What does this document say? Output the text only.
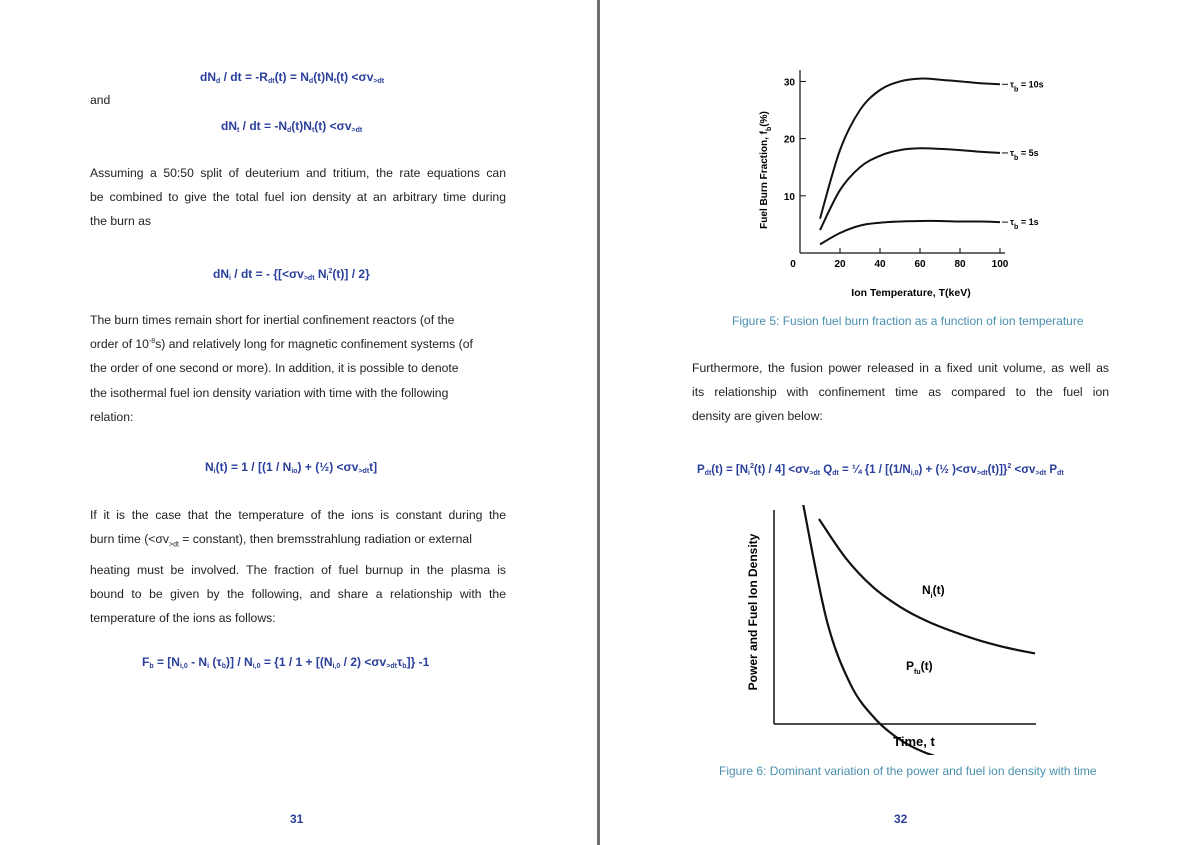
$dN_d$ / dt = $-R_{dt}(t) = N_d(t)N_t(t) <\sigma v_{>dt}$
and
$dN_t$ / dt = $-N_d(t)N_t(t) <\sigma v_{>dt}$
Assuming a 50:50 split of deuterium and tritium, the rate equations can
be combined to give the total fuel ion density at an arbitrary time during
the burn as
$dN_i$ / dt = - {[$<\sigma v_{>dt}$ $N_i^2(t)] / 2$}
The burn times remain short for inertial confinement reactors (of the
order of $10^{-8}s$) and relatively long for magnetic confinement systems (of
the order of one second or more). In addition, it is possible to denote
the isothermal fuel ion density variation with time with the following
relation:
$N_i(t) = 1 / [(1 / N_{io})$ + (½) $<\sigma v_{>dt}t$]
If it is the case that the temperature of the ions is constant during the
burn time ($<\sigma v_{>dt}$ = constant), then bremsstrahlung radiation or external
heating must be involved. The fraction of fuel burnup in the plasma is
bound to be given by the following, and share a relationship with the
temperature of the ions as follows:
$F_b = [N_{i,0} - N_i$ $(\tau_b)] / N_{i,0} = \{1 / 1 + [(N_{i,0} / 2) <\sigma v_{>dt}\tau_b]\}$ -1
31
0	20	40	60	80	100
10
20
30
Ion Temperature, T(keV)
Fuel Burn Fraction, $f_b(\%)$
$\tau_b = 10s$
$\tau_b = 5s$
$\tau_b = 1s$
Figure 5: Fusion fuel burn fraction as a function of ion temperature
Furthermore, the fusion power released in a fixed unit volume, as well as
its relationship with confinement time as compared to the fuel ion
density are given below:
$P_{dt}(t) = [N_i^2(t) / 4] <\sigma v_{>dt}$ $Q_{dt}$ = ¼ {$1 / [(1/N_{i,0})$ + (½ )$<\sigma v_{>dt}(t)]\}^2 <\sigma v_{>dt}$ $P_{dt}$
Power and Fuel Ion Density
Time, t
$N_i(t)$
$P_{fu}(t)$
Figure 6: Dominant variation of the power and fuel ion density with time
32
